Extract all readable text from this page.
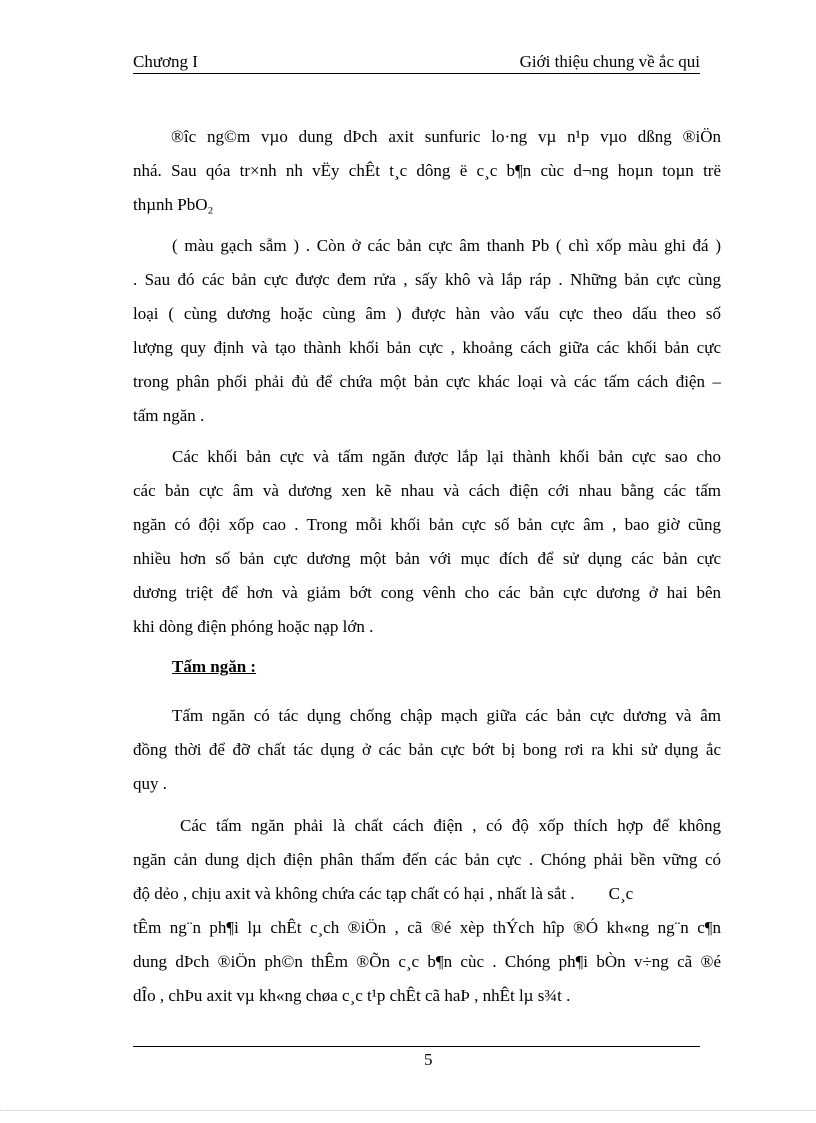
Chương I	Giới thiệu chung về ắc qui
®îc ng©m vµo dung dÞch axit sunfuric lo·ng vµ n¹p vµo dßng ®iÖn
nhá. Sau qóa tr×nh nh vËy chÊt t¸c dông ë c¸c b¶n cùc d¬ng hoµn toµn trë
thµnh PbO₂
( màu gạch sẫm ) . Còn ở các bản cực âm thanh Pb ( chì xốp màu ghi đá )
. Sau đó các bản cực được đem rửa , sấy khô và lắp ráp . Những bản cực cùng
loại ( cùng dương hoặc cùng âm ) được hàn vào vấu cực theo dấu theo số
lượng quy định và tạo thành khối bản cực , khoảng cách giữa các khối bản cực
trong phân phối phải đủ để chứa một bản cực khác loại và các tấm cách điện –
tấm ngăn .
Các khối bản cực và tấm ngăn được lắp lại thành khối bản cực sao cho
các bản cực âm và dương xen kẽ nhau và cách điện cới nhau bằng các tấm
ngăn có đội xốp cao . Trong mỗi khối bản cực số bản cực âm , bao giờ cũng
nhiều hơn số bản cực dương một bản với mục đích để sử dụng các bản cực
dương triệt để hơn và giảm bớt cong vênh cho các bản cực dương ở hai bên
khi dòng điện phóng hoặc nạp lớn .
Tấm ngăn :
Tấm ngăn có tác dụng chống chập mạch giữa các bản cực dương và âm
đồng thời để đỡ chất tác dụng ở các bản cực bớt bị bong rơi ra khi sử dụng ắc
quy .
Các tấm ngăn phải là chất cách điện , có độ xốp thích hợp để không
ngăn cản dung dịch điện phân thấm đến các bản cực . Chóng phải bền vững có
độ dẻo , chịu axit và không chứa các tạp chất có hại , nhất là sắt .        C¸c
tÊm ng¨n ph¶i lµ chÊt c¸ch ®iÖn , cã ®é xèp thÝch hîp ®Ó kh«ng ng¨n c¶n
dung dÞch ®iÖn ph©n thÊm ®Õn c¸c b¶n cùc . Chóng ph¶i bÒn v÷ng cã ®é
dÎo , chÞu axit vµ kh«ng chøa c¸c t¹p chÊt cã haÞ , nhÊt lµ s¾t .
5
